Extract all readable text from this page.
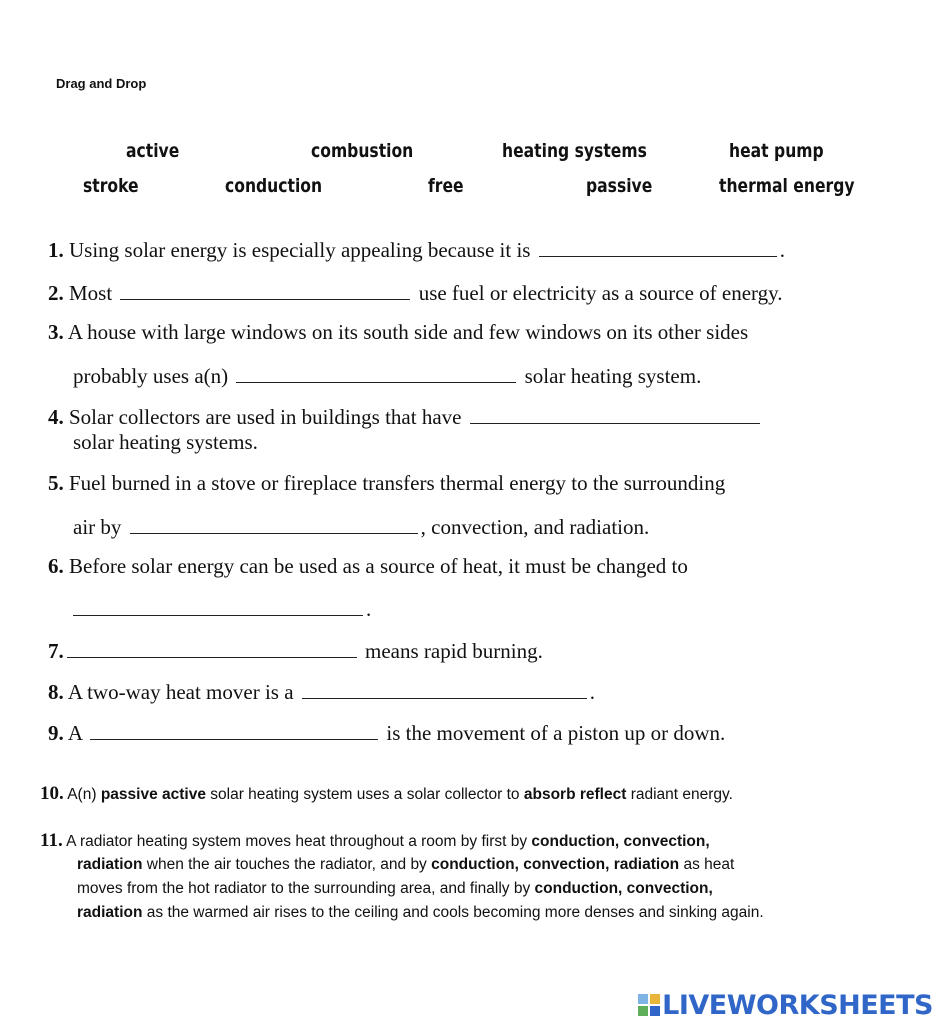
Drag and Drop
active	combustion	heating systems	heat pump
stroke	conduction	free	passive	thermal energy
1. Using solar energy is especially appealing because it is	.
2. Most	use fuel or electricity as a source of energy.
3. A house with large windows on its south side and few windows on its other sides
probably uses a(n)	solar heating system.
4. Solar collectors are used in buildings that have
solar heating systems.
5. Fuel burned in a stove or fireplace transfers thermal energy to the surrounding
air by	, convection, and radiation.
6. Before solar energy can be used as a source of heat, it must be changed to
.
7.	means rapid burning.
8. A two-way heat mover is a	.
9. A	is the movement of a piston up or down.
10. A(n) passive active solar heating system uses a solar collector to absorb reflect radiant energy.
11. A radiator heating system moves heat throughout a room by first by conduction, convection,
radiation when the air touches the radiator, and by conduction, convection, radiation as heat
moves from the hot radiator to the surrounding area, and finally by conduction, convection,
radiation as the warmed air rises to the ceiling and cools becoming more denses and sinking again.
LIVEWORKSHEETS
